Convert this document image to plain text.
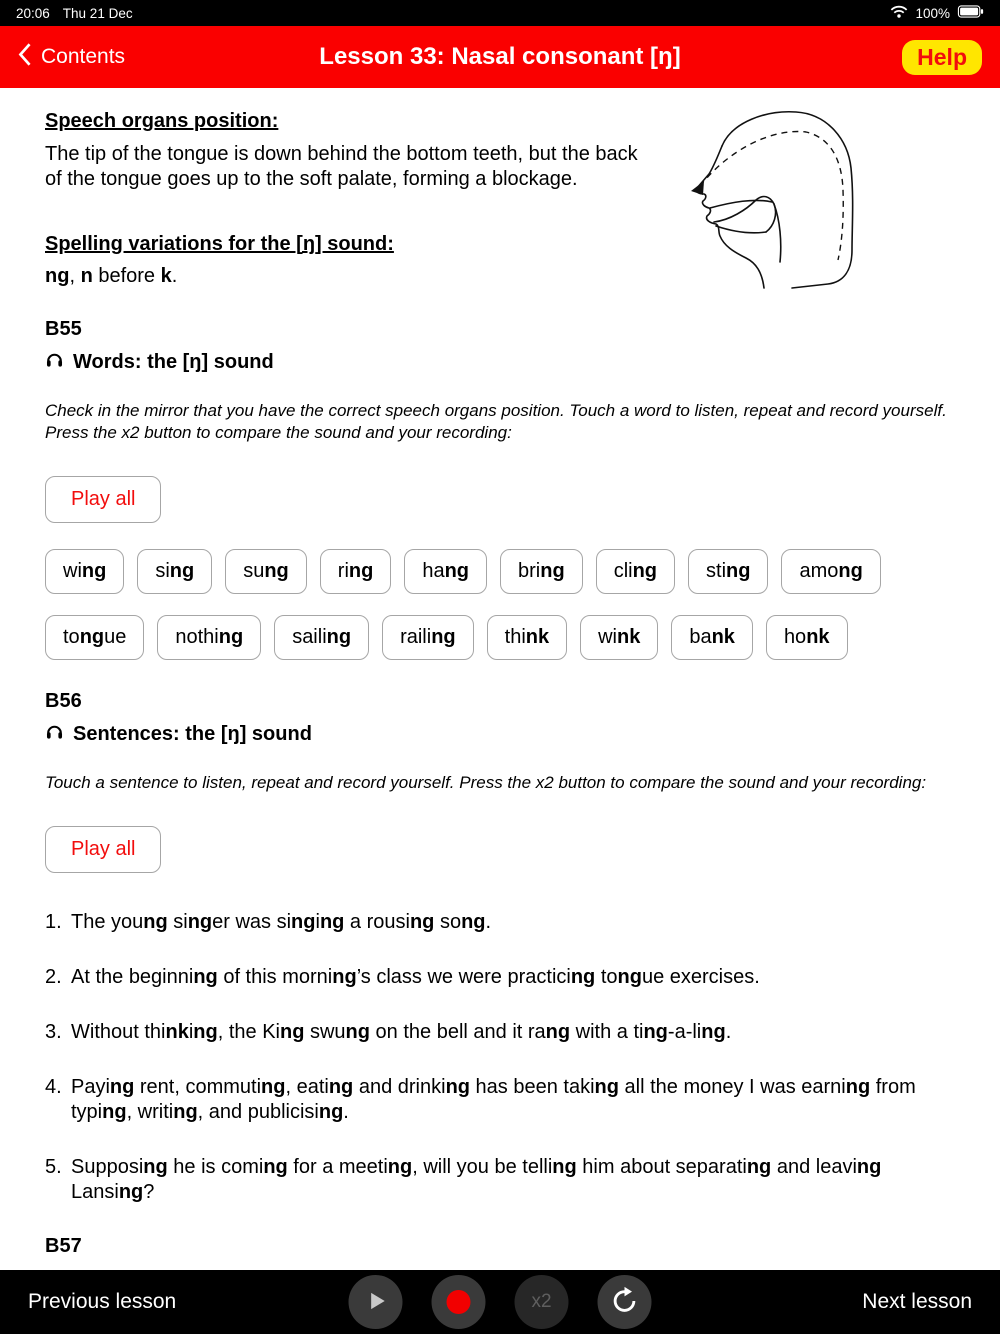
20:06 Thu 21 Dec	100%
Contents	Lesson 33: Nasal consonant [ŋ]	Help
Speech organs position:

The tip of the tongue is down behind the bottom teeth, but the back of the tongue goes up to the soft palate, forming a blockage.

Spelling variations for the [ŋ] sound:

ng, n before k.

B55
Words: the [ŋ] sound

Check in the mirror that you have the correct speech organs position. Touch a word to listen, repeat and record yourself. Press the x2 button to compare the sound and your recording:

Play all
wing	sing	sung	ring	hang	bring	cling	sting	among
tongue	nothing	sailing	railing	think	wink	bank	honk
B56
Sentences: the [ŋ] sound

Touch a sentence to listen, repeat and record yourself. Press the x2 button to compare the sound and your recording:

Play all
1. The young singer was singing a rousing song.
2. At the beginning of this morning’s class we were practicing tongue exercises.
3. Without thinking, the King swung on the bell and it rang with a ting-a-ling.
4. Paying rent, commuting, eating and drinking has been taking all the money I was earning from typing, writing, and publicising.
5. Supposing he is coming for a meeting, will you be telling him about separating and leaving Lansing?
B57
Previous lesson	x2	Next lesson
